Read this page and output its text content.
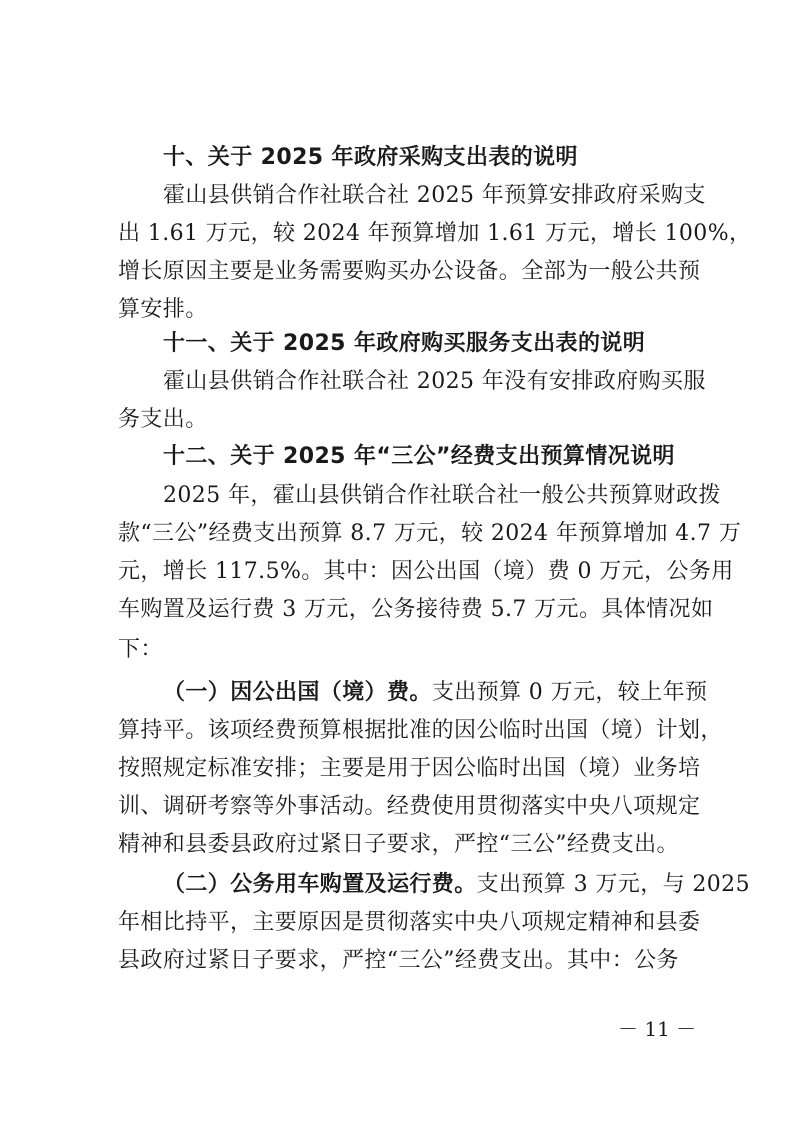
十、关于 2025 年政府采购支出表的说明
霍山县供销合作社联合社 2025 年预算安排政府采购支
出 1.61 万元，较 2024 年预算增加 1.61 万元，增长 100%，
增长原因主要是业务需要购买办公设备。全部为一般公共预
算安排。
十一、关于 2025 年政府购买服务支出表的说明
霍山县供销合作社联合社 2025 年没有安排政府购买服
务支出。
十二、关于 2025 年“三公”经费支出预算情况说明
2025 年，霍山县供销合作社联合社一般公共预算财政拨
款“三公”经费支出预算 8.7 万元，较 2024 年预算增加 4.7 万
元，增长 117.5%。其中：因公出国（境）费 0 万元，公务用
车购置及运行费 3 万元，公务接待费 5.7 万元。具体情况如
下：
（一）因公出国（境）费。支出预算 0 万元，较上年预
算持平。该项经费预算根据批准的因公临时出国（境）计划，
按照规定标准安排；主要是用于因公临时出国（境）业务培
训、调研考察等外事活动。经费使用贯彻落实中央八项规定
精神和县委县政府过紧日子要求，严控“三公”经费支出。
（二）公务用车购置及运行费。支出预算 3 万元，与 2025
年相比持平，主要原因是贯彻落实中央八项规定精神和县委
县政府过紧日子要求，严控“三公”经费支出。其中：公务
－ 11 －
